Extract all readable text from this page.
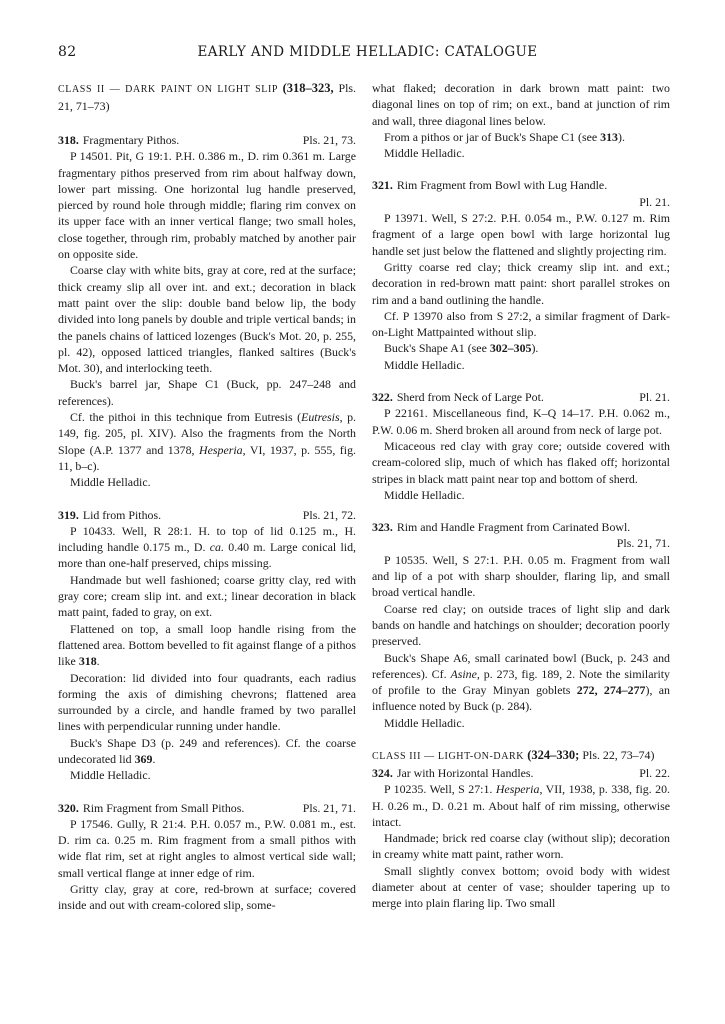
82	EARLY AND MIDDLE HELLADIC: CATALOGUE

CLASS II — DARK PAINT ON LIGHT SLIP (318–323, Pls. 21, 71–73)

318. Fragmentary Pithos.	Pls. 21, 73.

P 14501. Pit, G 19:1. P.H. 0.386 m., D. rim 0.361 m. Large fragmentary pithos preserved from rim about halfway down, lower part missing. One horizontal lug handle preserved, pierced by round hole through middle; flaring rim convex on its upper face with an inner vertical flange; two small holes, close together, through rim, probably matched by another pair on opposite side.

Coarse clay with white bits, gray at core, red at the surface; thick creamy slip all over int. and ext.; decoration in black matt paint over the slip: double band below lip, the body divided into long panels by double and triple vertical bands; in the panels chains of latticed lozenges (Buck's Mot. 20, p. 255, pl. 42), opposed latticed triangles, flanked saltires (Buck's Mot. 30), and interlocking teeth.

Buck's barrel jar, Shape C1 (Buck, pp. 247–248 and references).

Cf. the pithoi in this technique from Eutresis (Eutresis, p. 149, fig. 205, pl. XIV). Also the fragments from the North Slope (A.P. 1377 and 1378, Hesperia, VI, 1937, p. 555, fig. 11, b–c).

Middle Helladic.

319. Lid from Pithos.	Pls. 21, 72.

P 10433. Well, R 28:1. H. to top of lid 0.125 m., H. including handle 0.175 m., D. ca. 0.40 m. Large conical lid, more than one-half preserved, chips missing.

Handmade but well fashioned; coarse gritty clay, red with gray core; cream slip int. and ext.; linear decoration in black matt paint, faded to gray, on ext.

Flattened on top, a small loop handle rising from the flattened area. Bottom bevelled to fit against flange of a pithos like 318.

Decoration: lid divided into four quadrants, each radius forming the axis of dimishing chevrons; flattened area surrounded by a circle, and handle framed by two parallel lines with perpendicular running under handle.

Buck's Shape D3 (p. 249 and references). Cf. the coarse undecorated lid 369.

Middle Helladic.

320. Rim Fragment from Small Pithos.	Pls. 21, 71.

P 17546. Gully, R 21:4. P.H. 0.057 m., P.W. 0.081 m., est. D. rim ca. 0.25 m. Rim fragment from a small pithos with wide flat rim, set at right angles to almost vertical side wall; small vertical flange at inner edge of rim.

Gritty clay, gray at core, red-brown at surface; covered inside and out with cream-colored slip, some-

what flaked; decoration in dark brown matt paint: two diagonal lines on top of rim; on ext., band at junction of rim and wall, three diagonal lines below.

From a pithos or jar of Buck's Shape C1 (see 313).

Middle Helladic.

321. Rim Fragment from Bowl with Lug Handle.
Pl. 21.

P 13971. Well, S 27:2. P.H. 0.054 m., P.W. 0.127 m. Rim fragment of a large open bowl with large horizontal lug handle set just below the flattened and slightly projecting rim.

Gritty coarse red clay; thick creamy slip int. and ext.; decoration in red-brown matt paint: short parallel strokes on rim and a band outlining the handle.

Cf. P 13970 also from S 27:2, a similar fragment of Dark-on-Light Mattpainted without slip.

Buck's Shape A1 (see 302–305).

Middle Helladic.

322. Sherd from Neck of Large Pot.	Pl. 21.

P 22161. Miscellaneous find, K–Q 14–17. P.H. 0.062 m., P.W. 0.06 m. Sherd broken all around from neck of large pot.

Micaceous red clay with gray core; outside covered with cream-colored slip, much of which has flaked off; horizontal stripes in black matt paint near top and bottom of sherd.

Middle Helladic.

323. Rim and Handle Fragment from Carinated Bowl.
Pls. 21, 71.

P 10535. Well, S 27:1. P.H. 0.05 m. Fragment from wall and lip of a pot with sharp shoulder, flaring lip, and small broad vertical handle.

Coarse red clay; on outside traces of light slip and dark bands on handle and hatchings on shoulder; decoration poorly preserved.

Buck's Shape A6, small carinated bowl (Buck, p. 243 and references). Cf. Asine, p. 273, fig. 189, 2. Note the similarity of profile to the Gray Minyan goblets 272, 274–277), an influence noted by Buck (p. 284).

Middle Helladic.

CLASS III — LIGHT-ON-DARK (324–330; Pls. 22, 73–74)

324. Jar with Horizontal Handles.	Pl. 22.

P 10235. Well, S 27:1. Hesperia, VII, 1938, p. 338, fig. 20. H. 0.26 m., D. 0.21 m. About half of rim missing, otherwise intact.

Handmade; brick red coarse clay (without slip); decoration in creamy white matt paint, rather worn.

Small slightly convex bottom; ovoid body with widest diameter about at center of vase; shoulder tapering up to merge into plain flaring lip. Two small
